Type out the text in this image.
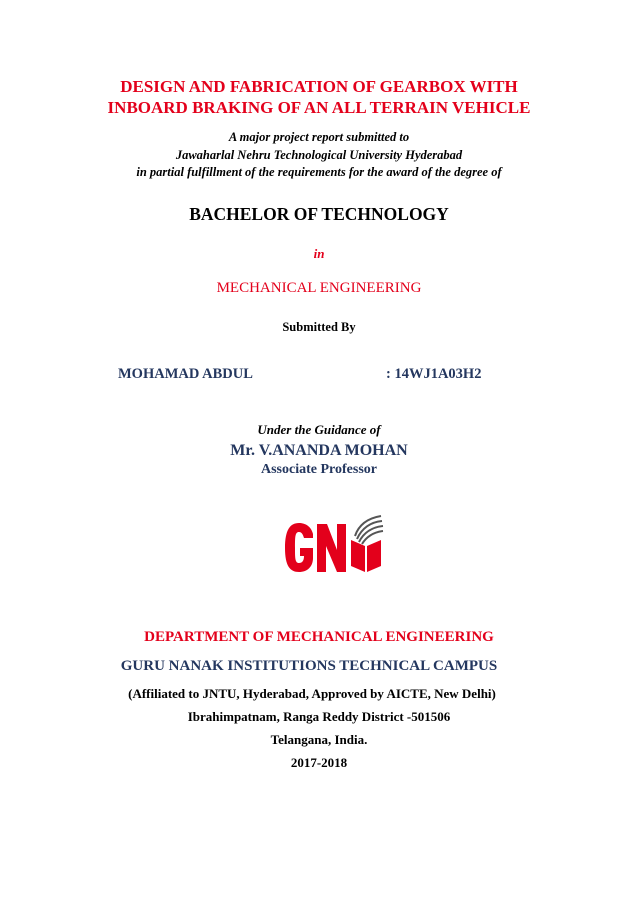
DESIGN AND FABRICATION OF GEARBOX WITH
INBOARD BRAKING OF AN ALL TERRAIN VEHICLE
A major project report submitted to
Jawaharlal Nehru Technological University Hyderabad
in partial fulfillment of the requirements for the award of the degree of
BACHELOR OF TECHNOLOGY
in
MECHANICAL ENGINEERING
Submitted By
MOHAMAD ABDUL	: 14WJ1A03H2
Under the Guidance of
Mr. V.ANANDA MOHAN
Associate Professor
DEPARTMENT OF MECHANICAL ENGINEERING
GURU NANAK INSTITUTIONS TECHNICAL CAMPUS
(Affiliated to JNTU, Hyderabad, Approved by AICTE, New Delhi)
Ibrahimpatnam, Ranga Reddy District -501506
Telangana, India.
2017-2018
